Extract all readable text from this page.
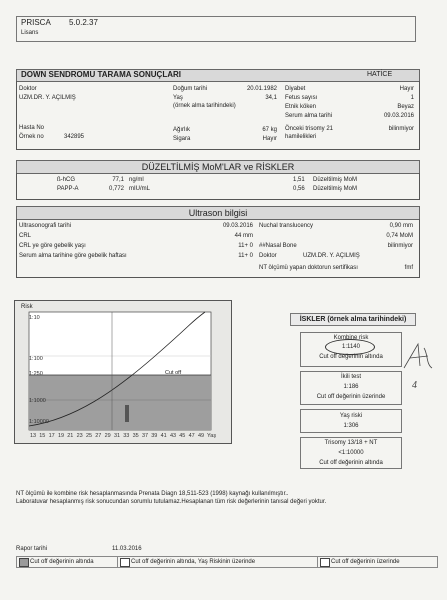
PRISCA 5.0.2.37
Lisans
DOWN SENDROMU TARAMA SONUÇLARI	HATİCE
Doktor
UZM.DR. Y. AÇILMIŞ
Hasta No
Örnek no	342895
Doğum tarihi	20.01.1982
Yaş	34,1
(örnek alma tarihindeki)
Ağırlık	67 kg
Sigara	Hayır
Diyabet	Hayır
Fetus sayısı	1
Etnik köken	Beyaz
Serum alma tarihi	09.03.2016
Önceki trisomy 21	bilinmiyor
hamilelikleri
DÜZELTİLMİŞ MoM'LAR ve RİSKLER
ß-hCG	77,1 ng/ml	1,51 Düzeltilmiş MoM
PAPP-A	0,772 mIU/mL	0,56 Düzeltilmiş MoM
Ultrason bilgisi
Ultrasonografi tarihi	09.03.2016
CRL	44 mm
CRL ye göre gebelik yaşı	11+ 0
Serum alma tarihine göre gebelik haftası	11+ 0
Nuchal translucency	0,90 mm
0,74 MoM
##Nasal Bone	bilinmiyor
Doktor	UZM.DR. Y. AÇILMIŞ
NT ölçümü yapan doktorun sertifikası	fmf
Risk
1:10
1:100
1:250
1:1000
1:10000
Cut off
13 15 17 19 21 23 25 27 29 31 33 35 37 39 41 43 45 47 49 Yaş
İSKLER (örnek alma tarihindeki)
Kombine risk
1:1140
Cut off değerinin altında
İkili test
1:186
Cut off değerinin üzerinde
Yaş riski
1:306
Trisomy 13/18 + NT
<1:10000
Cut off değerinin altında
4
NT ölçümü ile kombine risk hesaplanmasında Prenata Diagn 18,511-523 (1998) kaynağı kullanılmıştır..
Laboratuvar hesaplanmış risk sonucundan sorumlu tutulamaz.Hesaplanan tüm risk değerlerinin tanısal değeri yoktur.
Rapor tarihi	11.03.2016
Cut off değerinin altında	Cut off değerinin altında, Yaş Riskinin üzerinde	Cut off değerinin üzerinde
